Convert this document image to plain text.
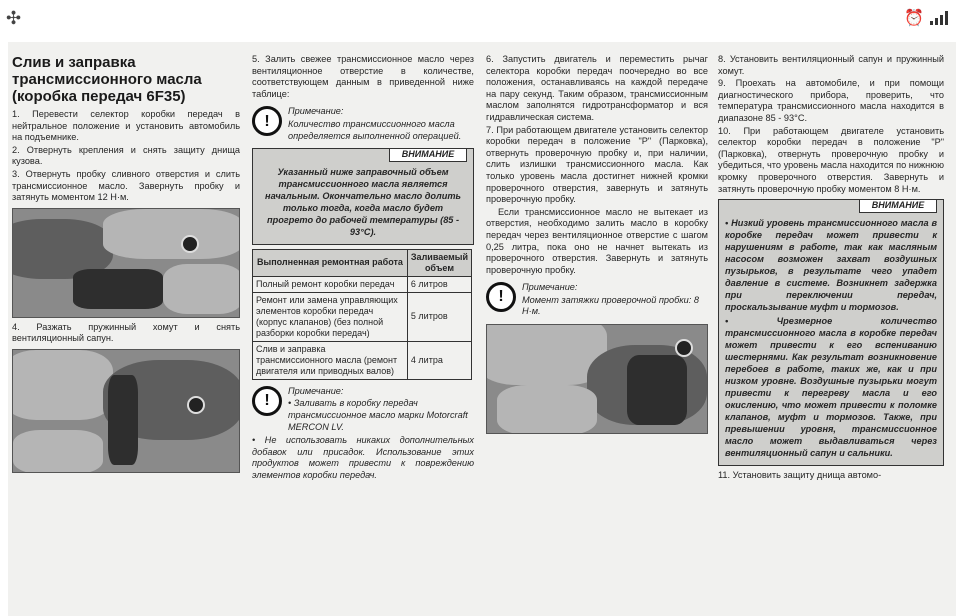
✣	⏰
Слив и заправка трансмиссионного масла (коробка передач 6F35)

1. Перевести селектор коробки передач в нейтральное положение и установить автомобиль на подъемнике.

2. Отвернуть крепления и снять защиту днища кузова.

3. Отвернуть пробку сливного отверстия и слить трансмиссионное масло. Завернуть пробку и затянуть моментом 12 Н·м.

4. Разжать пружинный хомут и снять вентиляционный сапун.

5. Залить свежее трансмиссионное масло через вентиляционное отверстие в количестве, соответствующем данным в приведенной ниже таблице:

!
Примечание:
Количество трансмиссионного масла определяется выполненной операцией.
ВНИМАНИЕ

Указанный ниже заправочный объем трансмиссионного масла является начальным. Окончательно масло долить только тогда, когда масло будет прогрето до рабочей температуры (85 - 93°С).

Выполненная ремонтная работа	Заливаемый объем
Полный ремонт коробки передач	6 литров
Ремонт или замена управляющих элементов коробки передач (корпус клапанов) (без полной разборки коробки передач)	5 литров
Слив и заправка трансмиссионного масла (ремонт двигателя или приводных валов)	4 литра
!
Примечание:
• Заливать в коробку передач трансмиссионное масло марки Motorcraft MERCON LV.

• Не использовать никаких дополнительных добавок или присадок. Использование этих продуктов может привести к повреждению элементов коробки передач.

6. Запустить двигатель и переместить рычаг селектора коробки передач поочередно во все положения, останавливаясь на каждой передаче на пару секунд. Таким образом, трансмиссионным маслом заполнятся гидротрансформатор и вся гидравлическая система.

7. При работающем двигателе установить селектор коробки передач в положение "P" (Парковка), отвернуть проверочную пробку и, при наличии, слить излишки трансмиссионного масла. Как только уровень масла достигнет нижней кромки проверочного отверстия, завернуть и затянуть проверочную пробку.

Если трансмиссионное масло не вытекает из отверстия, необходимо залить масло в коробку передач через вентиляционное отверстие с шагом 0,25 литра, пока оно не начнет вытекать из проверочного отверстия. Завернуть и затянуть проверочную пробку.

!
Примечание:
Момент затяжки проверочной пробки: 8 Н·м.

8. Установить вентиляционный сапун и пружинный хомут.

9. Проехать на автомобиле, и при помощи диагностического прибора, проверить, что температура трансмиссионного масла находится в диапазоне 85 - 93°С.

10. При работающем двигателе установить селектор коробки передач в положение "P" (Парковка), отвернуть проверочную пробку и убедиться, что уровень масла находится по нижнюю кромку проверочного отверстия. Завернуть и затянуть проверочную пробку моментом 8 Н·м.

ВНИМАНИЕ

• Низкий уровень трансмиссионного масла в коробке передач может привести к нарушениям в работе, так как масляным насосом возможен захват воздушных пузырьков, в результате чего упадет давление в системе. Возникнет задержка при переключении передач, проскальзывание муфт и тормозов.

• Чрезмерное количество трансмиссионного масла в коробке передач может привести к его вспениванию шестернями. Как результат возникновение перебоев в работе, таких же, как и при низком уровне. Воздушные пузырьки могут привести к перегреву масла и его окислению, что может привести к поломке клапанов, муфт и тормозов. Также, при превышении уровня, трансмиссионное масло может выдавливаться через вентиляционный сапун и сальники.

11. Установить защиту днища автомо-
